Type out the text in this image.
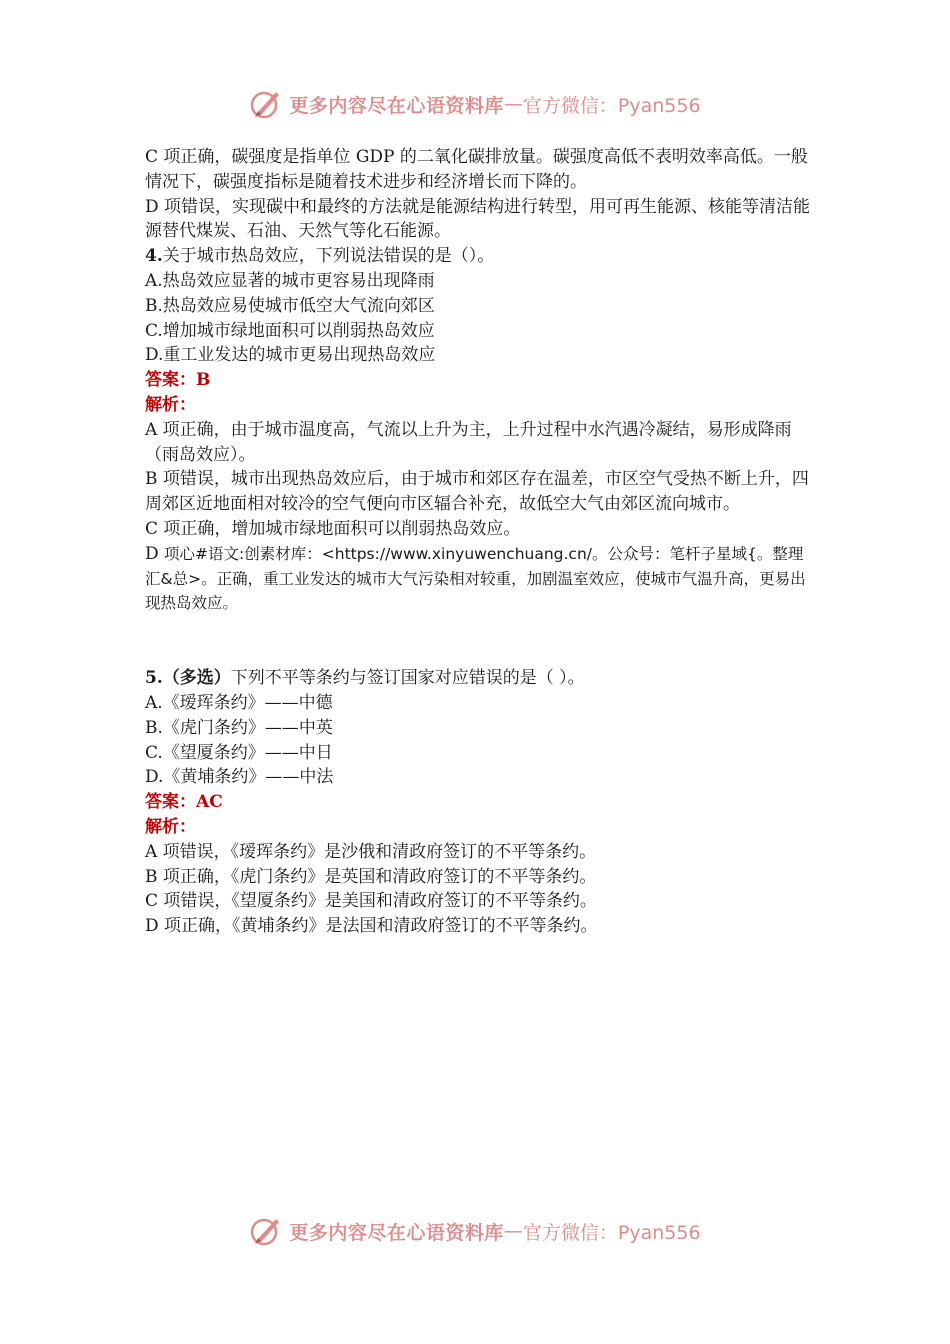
更多内容尽在心语资料库 — 官方微信：Pyan556

C 项正确，碳强度是指单位 GDP 的二氧化碳排放量。碳强度高低不表明效率高低。一般情况下，碳强度指标是随着技术进步和经济增长而下降的。

D 项错误，实现碳中和最终的方法就是能源结构进行转型，用可再生能源、核能等清洁能源替代煤炭、石油、天然气等化石能源。

4.关于城市热岛效应，下列说法错误的是（）。

A.热岛效应显著的城市更容易出现降雨

B.热岛效应易使城市低空大气流向郊区

C.增加城市绿地面积可以削弱热岛效应

D.重工业发达的城市更易出现热岛效应

答案：B

解析：

A 项正确，由于城市温度高，气流以上升为主，上升过程中水汽遇冷凝结，易形成降雨（雨岛效应）。

B 项错误，城市出现热岛效应后，由于城市和郊区存在温差，市区空气受热不断上升，四周郊区近地面相对较冷的空气便向市区辐合补充，故低空大气由郊区流向城市。

C 项正确，增加城市绿地面积可以削弱热岛效应。

D 项心#语文:创素材库：<https://www.xinyuwenchuang.cn/。公众号：笔杆子星域{。整理汇&总>。正确，重工业发达的城市大气污染相对较重，加剧温室效应，使城市气温升高，更易出现热岛效应。

5.（多选）下列不平等条约与签订国家对应错误的是（ ）。

A.《瑷珲条约》——中德

B.《虎门条约》——中英

C.《望厦条约》——中日

D.《黄埔条约》——中法

答案：AC

解析：

A 项错误，《瑷珲条约》是沙俄和清政府签订的不平等条约。

B 项正确，《虎门条约》是英国和清政府签订的不平等条约。

C 项错误，《望厦条约》是美国和清政府签订的不平等条约。

D 项正确，《黄埔条约》是法国和清政府签订的不平等条约。

更多内容尽在心语资料库 — 官方微信：Pyan556
